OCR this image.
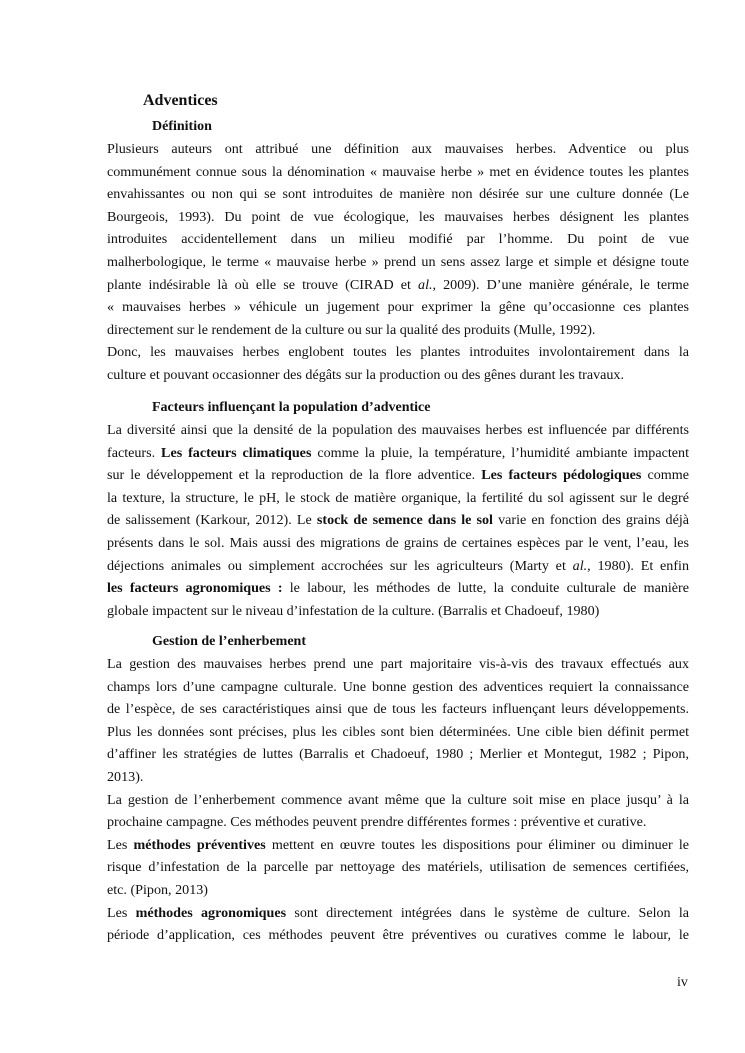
Adventices
Définition
Plusieurs auteurs ont attribué une définition aux mauvaises herbes. Adventice ou plus
communément connue sous la dénomination « mauvaise herbe » met en évidence toutes les plantes
envahissantes ou non qui se sont introduites de manière non désirée sur une culture donnée (Le
Bourgeois, 1993). Du point de vue écologique, les mauvaises herbes désignent les plantes
introduites accidentellement dans un milieu modifié par l’homme. Du point de vue
malherbologique, le terme « mauvaise herbe » prend un sens assez large et simple et désigne toute
plante indésirable là où elle se trouve (CIRAD et al., 2009). D’une manière générale, le terme
« mauvaises herbes » véhicule un jugement pour exprimer la gêne qu’occasionne ces plantes
directement sur le rendement de la culture ou sur la qualité des produits (Mulle, 1992).
Donc, les mauvaises herbes englobent toutes les plantes introduites involontairement dans la
culture et pouvant occasionner des dégâts sur la production ou des gênes durant les travaux.
Facteurs influençant la population d’adventice
La diversité ainsi que la densité de la population des mauvaises herbes est influencée par différents
facteurs. Les facteurs climatiques comme la pluie, la température, l’humidité ambiante impactent
sur le développement et la reproduction de la flore adventice. Les facteurs pédologiques comme
la texture, la structure, le pH, le stock de matière organique, la fertilité du sol agissent sur le degré
de salissement (Karkour, 2012). Le stock de semence dans le sol varie en fonction des grains déjà
présents dans le sol. Mais aussi des migrations de grains de certaines espèces par le vent, l’eau, les
déjections animales ou simplement accrochées sur les agriculteurs (Marty et al., 1980). Et enfin
les facteurs agronomiques : le labour, les méthodes de lutte, la conduite culturale de manière
globale impactent sur le niveau d’infestation de la culture. (Barralis et Chadoeuf, 1980)
Gestion de l’enherbement
La gestion des mauvaises herbes prend une part majoritaire vis-à-vis des travaux effectués aux
champs lors d’une campagne culturale. Une bonne gestion des adventices requiert la connaissance
de l’espèce, de ses caractéristiques ainsi que de tous les facteurs influençant leurs développements.
Plus les données sont précises, plus les cibles sont bien déterminées. Une cible bien définit permet
d’affiner les stratégies de luttes (Barralis et Chadoeuf, 1980 ; Merlier et Montegut, 1982 ; Pipon,
2013).
La gestion de l’enherbement commence avant même que la culture soit mise en place jusqu’ à la
prochaine campagne. Ces méthodes peuvent prendre différentes formes : préventive et curative.
Les méthodes préventives mettent en œuvre toutes les dispositions pour éliminer ou diminuer le
risque d’infestation de la parcelle par nettoyage des matériels, utilisation de semences certifiées,
etc. (Pipon, 2013)
Les méthodes agronomiques sont directement intégrées dans le système de culture. Selon la
période d’application, ces méthodes peuvent être préventives ou curatives comme le labour, le
iv
